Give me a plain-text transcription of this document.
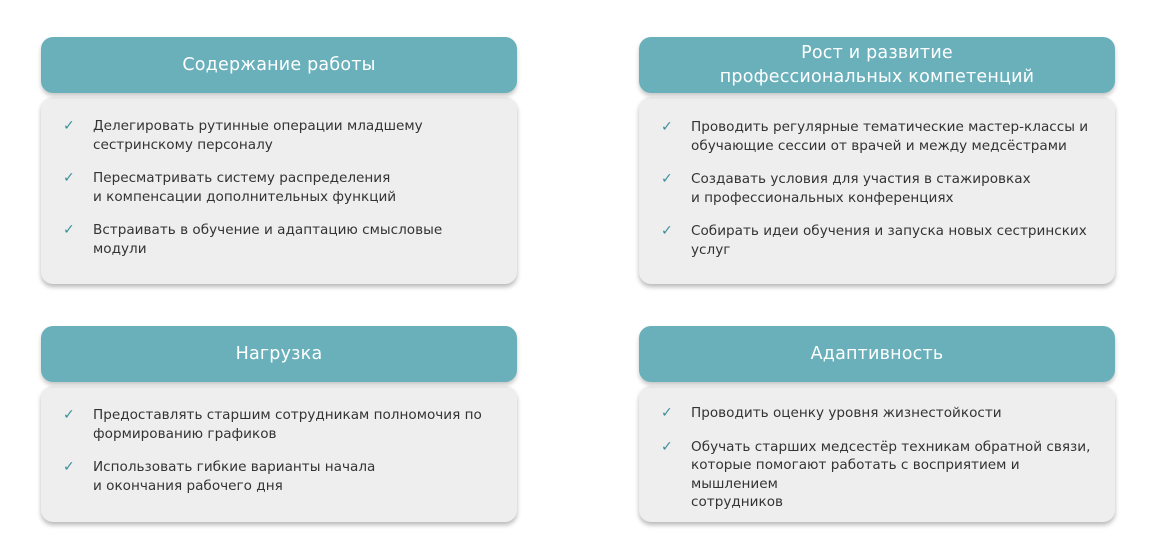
Содержание работы
✓	Делегировать рутинные операции младшему
сестринскому персоналу
✓	Пересматривать систему распределения
и компенсации дополнительных функций
✓	Встраивать в обучение и адаптацию смысловые модули
Рост и развитие
профессиональных компетенций
✓	Проводить регулярные тематические мастер-классы и
обучающие сессии от врачей и между медсёстрами
✓	Создавать условия для участия в стажировках
и профессиональных конференциях
✓	Собирать идеи обучения и запуска новых сестринских
услуг
Нагрузка
✓	Предоставлять старшим сотрудникам полномочия по
формированию графиков
✓	Использовать гибкие варианты начала
и окончания рабочего дня
Адаптивность
✓	Проводить оценку уровня жизнестойкости
✓	Обучать старших медсестёр техникам обратной связи,
которые помогают работать с восприятием и мышлением
сотрудников
